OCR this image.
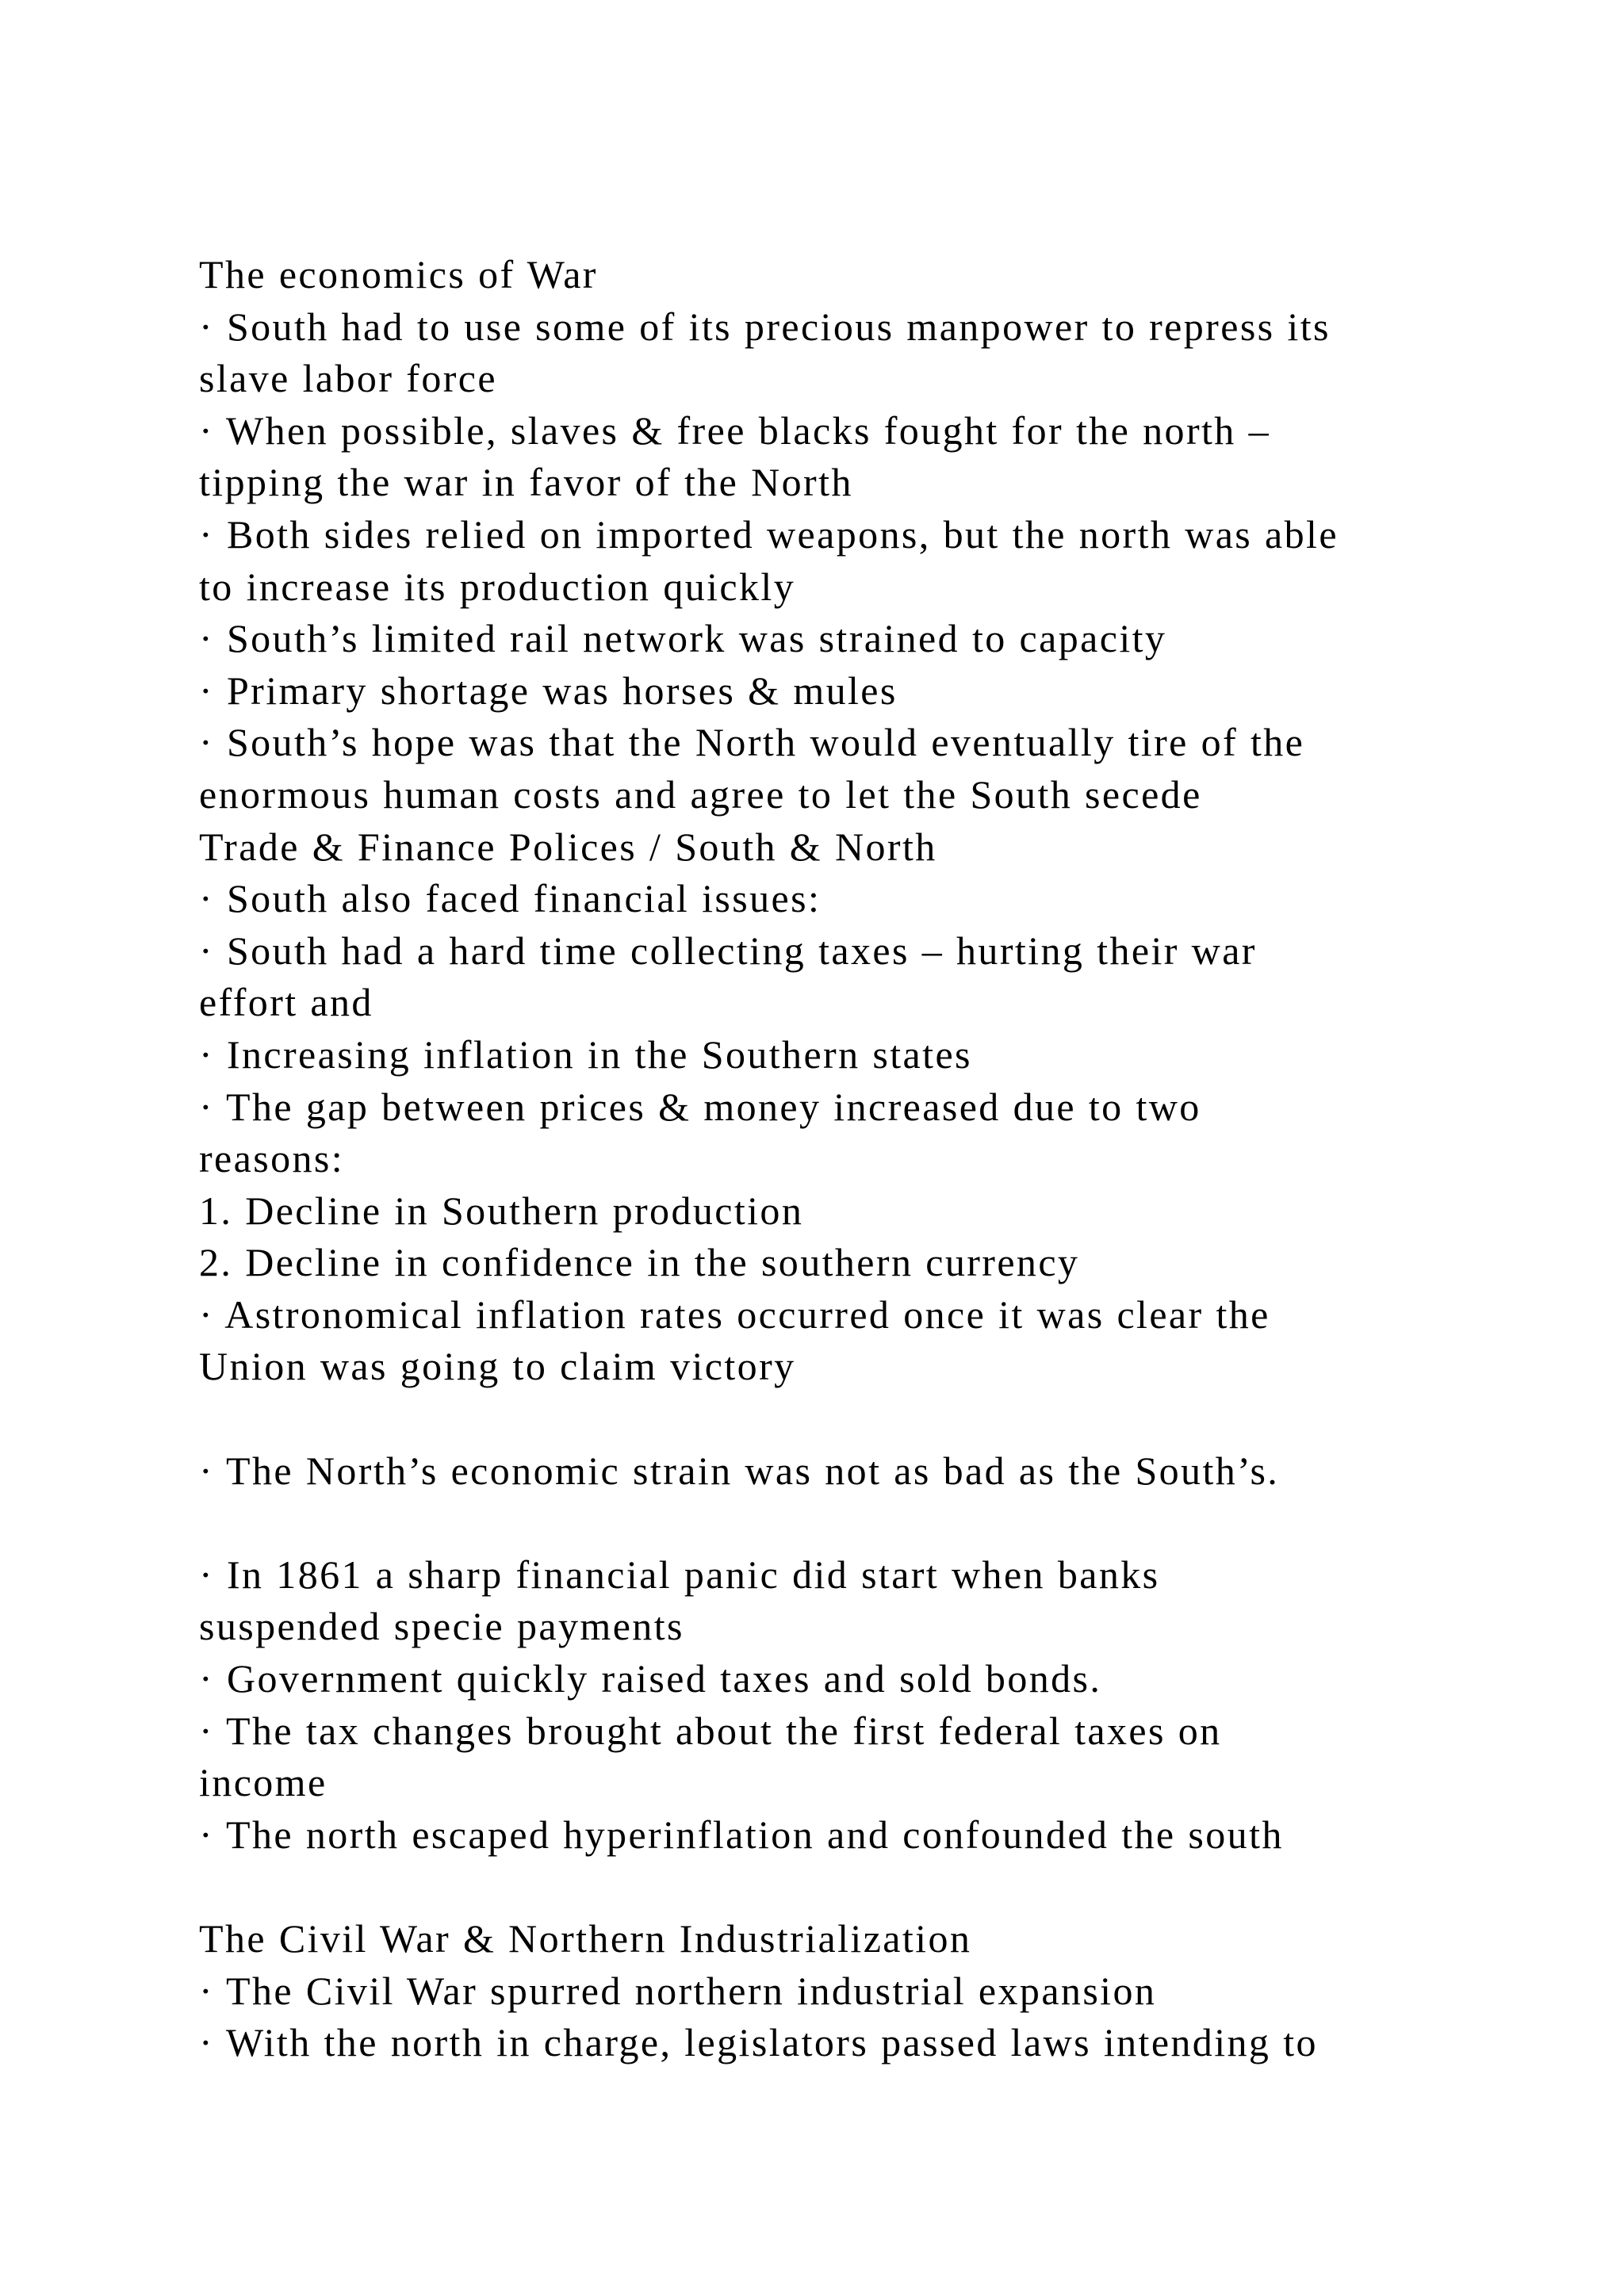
The economics of War
· South had to use some of its precious manpower to repress its
slave labor force
· When possible, slaves & free blacks fought for the north –
tipping the war in favor of the North
· Both sides relied on imported weapons, but the north was able
to increase its production quickly
· South’s limited rail network was strained to capacity
· Primary shortage was horses & mules
· South’s hope was that the North would eventually tire of the
enormous human costs and agree to let the South secede
Trade & Finance Polices / South & North
· South also faced financial issues:
· South had a hard time collecting taxes – hurting their war
effort and
· Increasing inflation in the Southern states
· The gap between prices & money increased due to two
reasons:
1. Decline in Southern production
2. Decline in confidence in the southern currency
· Astronomical inflation rates occurred once it was clear the
Union was going to claim victory
· The North’s economic strain was not as bad as the South’s.
· In 1861 a sharp financial panic did start when banks
suspended specie payments
· Government quickly raised taxes and sold bonds.
· The tax changes brought about the first federal taxes on
income
· The north escaped hyperinflation and confounded the south
The Civil War & Northern Industrialization
· The Civil War spurred northern industrial expansion
· With the north in charge, legislators passed laws intending to
